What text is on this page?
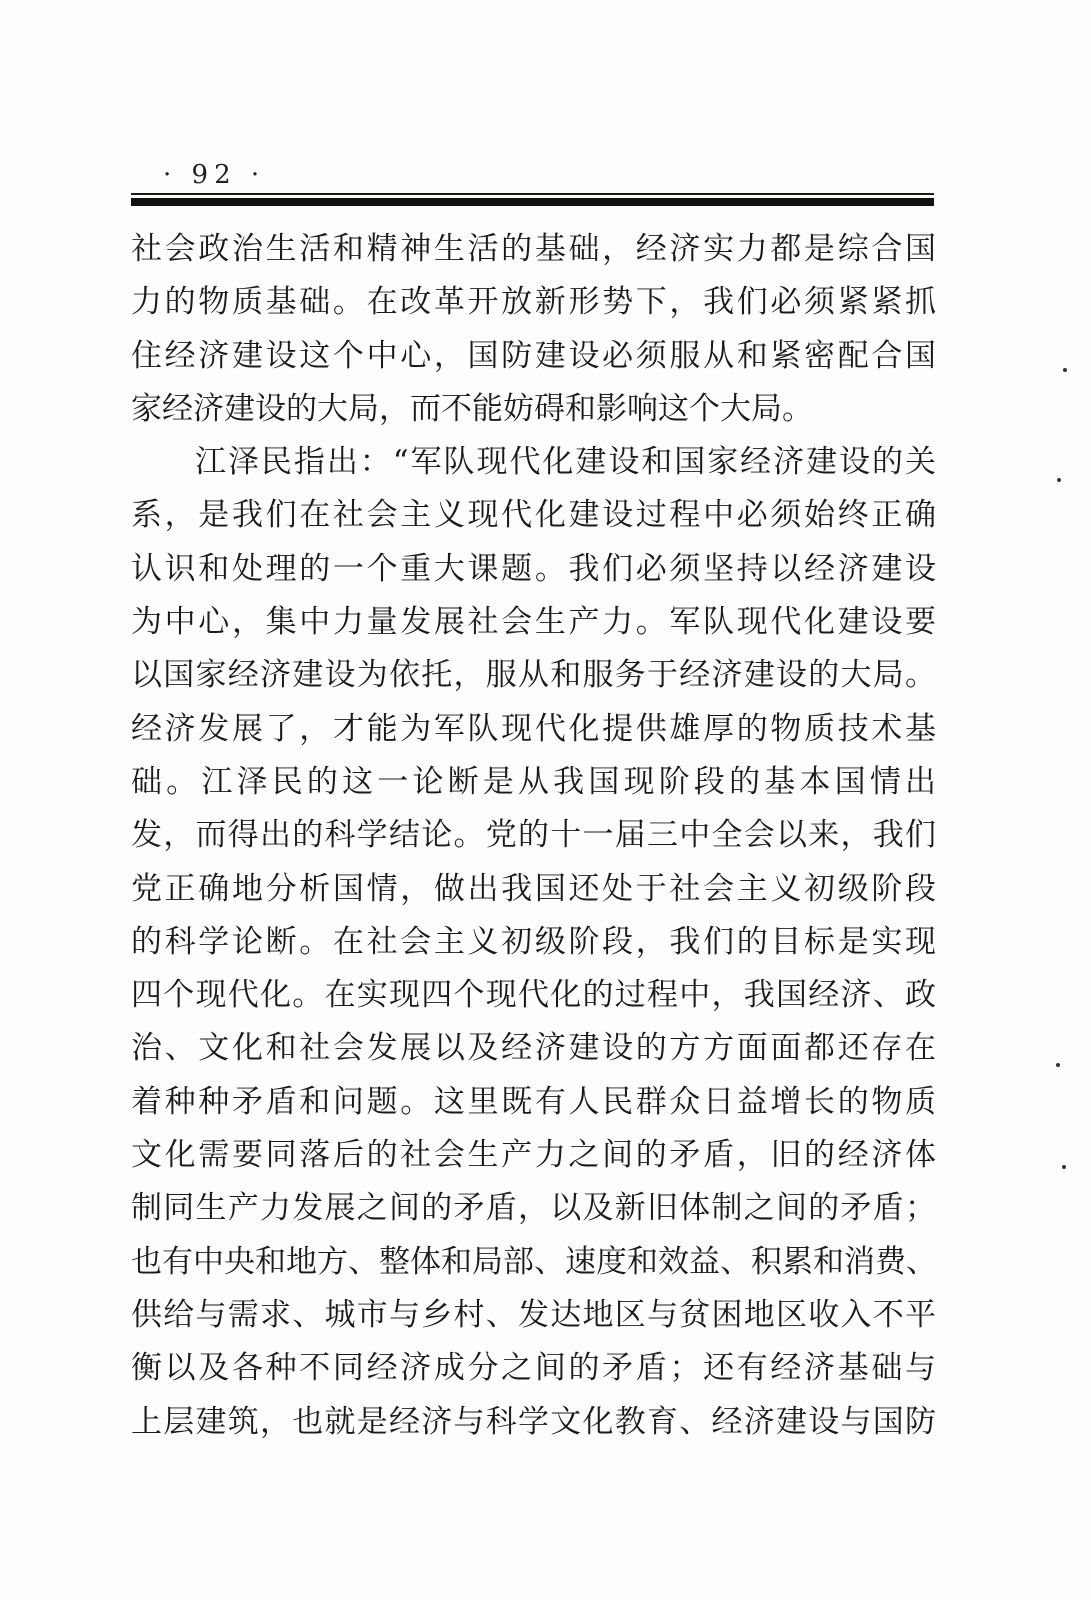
· 92 ·
社会政治生活和精神生活的基础，经济实力都是综合国
力的物质基础。在改革开放新形势下，我们必须紧紧抓
住经济建设这个中心，国防建设必须服从和紧密配合国
家经济建设的大局，而不能妨碍和影响这个大局。
江泽民指出：“军队现代化建设和国家经济建设的关
系，是我们在社会主义现代化建设过程中必须始终正确
认识和处理的一个重大课题。我们必须坚持以经济建设
为中心，集中力量发展社会生产力。军队现代化建设要
以国家经济建设为依托，服从和服务于经济建设的大局。
经济发展了，才能为军队现代化提供雄厚的物质技术基
础。江泽民的这一论断是从我国现阶段的基本国情出
发，而得出的科学结论。党的十一届三中全会以来，我们
党正确地分析国情，做出我国还处于社会主义初级阶段
的科学论断。在社会主义初级阶段，我们的目标是实现
四个现代化。在实现四个现代化的过程中，我国经济、政
治、文化和社会发展以及经济建设的方方面面都还存在
着种种矛盾和问题。这里既有人民群众日益增长的物质
文化需要同落后的社会生产力之间的矛盾，旧的经济体
制同生产力发展之间的矛盾，以及新旧体制之间的矛盾；
也有中央和地方、整体和局部、速度和效益、积累和消费、
供给与需求、城市与乡村、发达地区与贫困地区收入不平
衡以及各种不同经济成分之间的矛盾；还有经济基础与
上层建筑，也就是经济与科学文化教育、经济建设与国防
